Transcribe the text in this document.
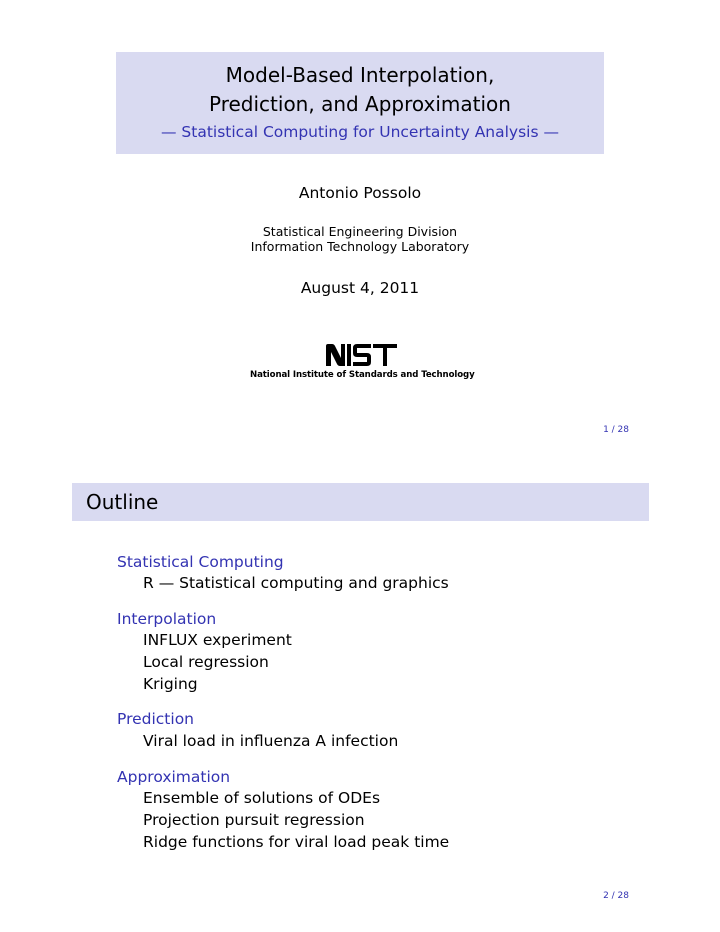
Model-Based Interpolation,
Prediction, and Approximation
— Statistical Computing for Uncertainty Analysis —
Antonio Possolo
Statistical Engineering Division
Information Technology Laboratory
August 4, 2011
National Institute of Standards and Technology
1 / 28
Outline
Statistical Computing
R — Statistical computing and graphics
Interpolation
INFLUX experiment
Local regression
Kriging
Prediction
Viral load in influenza A infection
Approximation
Ensemble of solutions of ODEs
Projection pursuit regression
Ridge functions for viral load peak time
2 / 28
